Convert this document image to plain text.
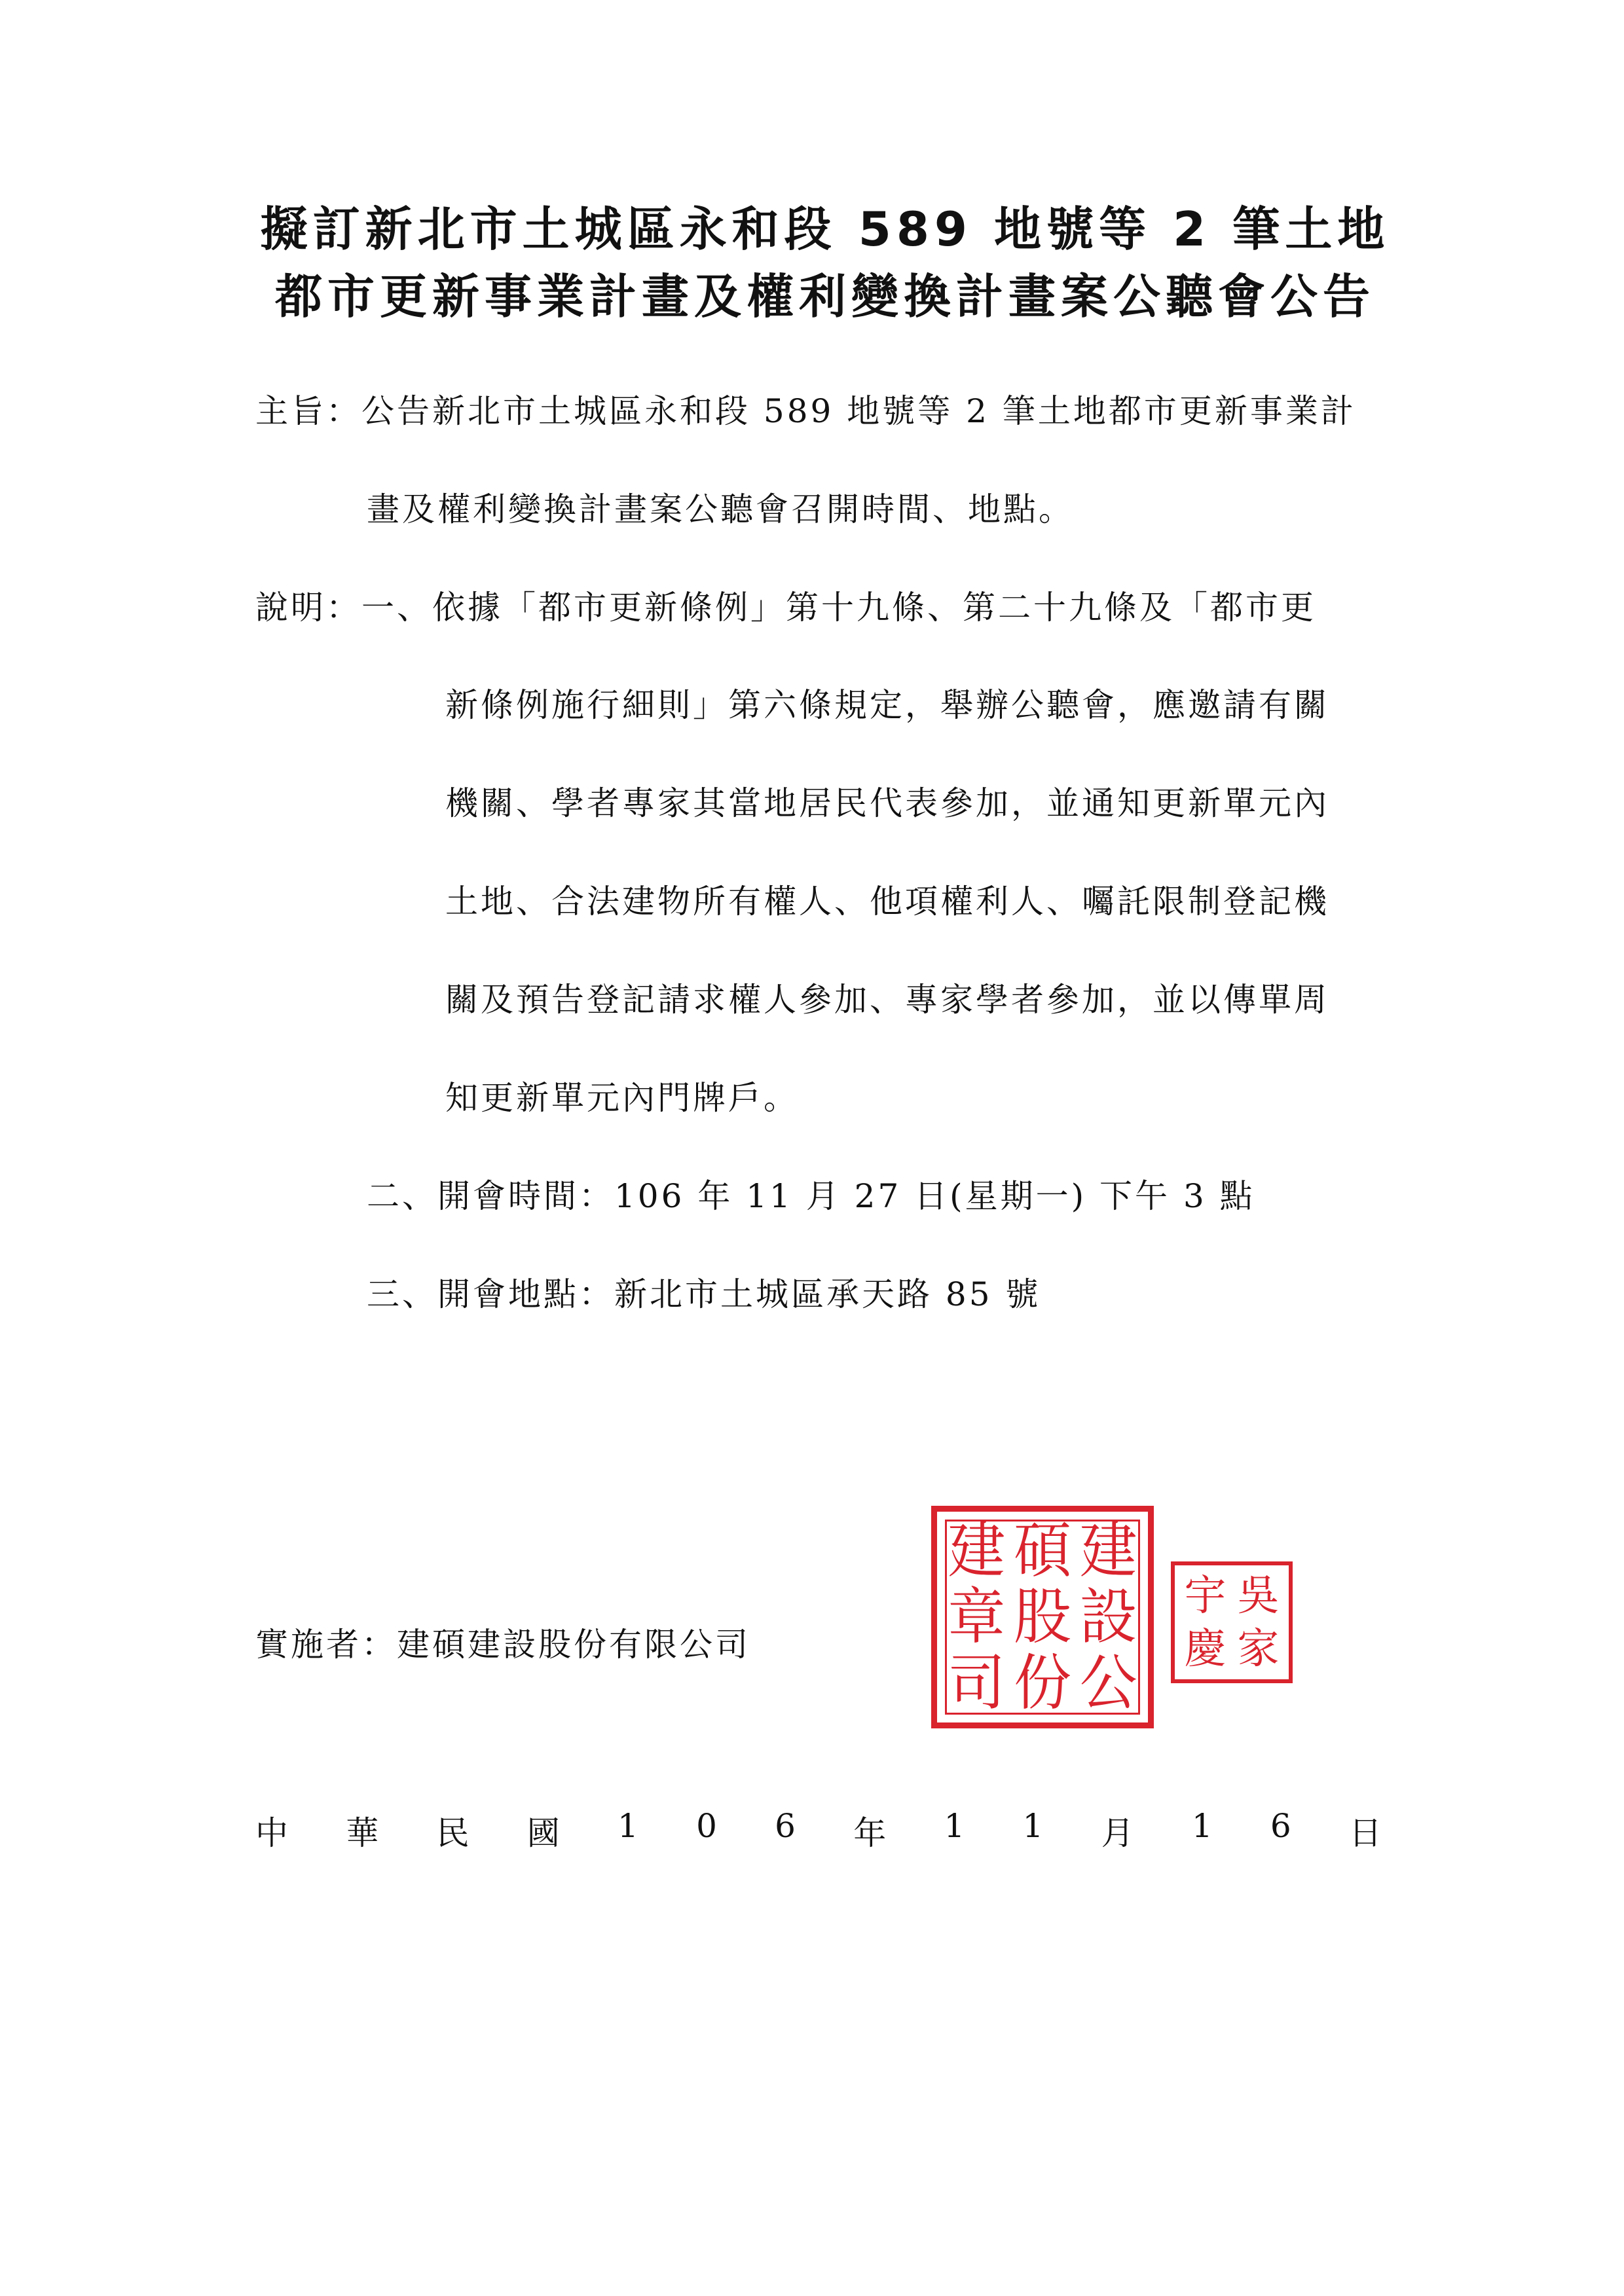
擬訂新北市土城區永和段 589 地號等 2 筆土地
都市更新事業計畫及權利變換計畫案公聽會公告
主旨：公告新北市土城區永和段 589 地號等 2 筆土地都市更新事業計
畫及權利變換計畫案公聽會召開時間、地點。
說明：一、依據「都市更新條例」第十九條、第二十九條及「都市更
新條例施行細則」第六條規定，舉辦公聽會，應邀請有關
機關、學者專家其當地居民代表參加，並通知更新單元內
土地、合法建物所有權人、他項權利人、囑託限制登記機
關及預告登記請求權人參加、專家學者參加，並以傳單周
知更新單元內門牌戶。
二、開會時間：106 年 11 月 27 日(星期一) 下午 3 點
三、開會地點：新北市土城區承天路 85 號
實施者：建碩建設股份有限公司
建 碩 建
章 股 設
司 份 公
宇 吳
慶 家
中 華 民 國 1 0 6 年 1 1 月 1 6 日
